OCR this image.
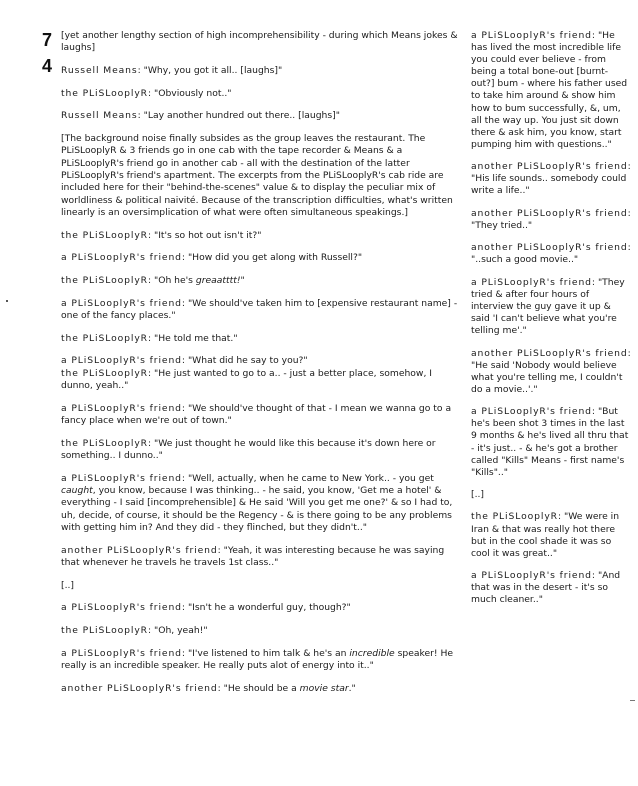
7
4
[yet another lengthy section of high incomprehensibility - during which Means jokes & laughs]
Russell Means: "Why, you got it all.. [laughs]"
the PLiSLooplyR: "Obviously not.."
Russell Means: "Lay another hundred out there.. [laughs]"
[The background noise finally subsides as the group leaves the restaurant. The PLiSLooplyR & 3 friends go in one cab with the tape recorder & Means & a PLiSLooplyR's friend go in another cab - all with the destination of the latter PLiSLooplyR's friend's apartment. The excerpts from the PLiSLooplyR's cab ride are included here for their "behind-the-scenes" value & to display the peculiar mix of worldliness & political naivité. Because of the transcription difficulties, what's written linearly is an oversimplication of what were often simultaneous speakings.]
the PLiSLooplyR: "It's so hot out isn't it?"
a PLiSLooplyR's friend: "How did you get along with Russell?"
the PLiSLooplyR: "Oh he's greaatttt!"
a PLiSLooplyR's friend: "We should've taken him to [expensive restaurant name] - one of the fancy places."
the PLiSLooplyR: "He told me that."
a PLiSLooplyR's friend: "What did he say to you?"
the PLiSLooplyR: "He just wanted to go to a.. - just a better place, somehow, I dunno, yeah.."
a PLiSLooplyR's friend: "We should've thought of that - I mean we wanna go to a fancy place when we're out of town."
the PLiSLooplyR: "We just thought he would like this because it's down here or something.. I dunno.."
a PLiSLooplyR's friend: "Well, actually, when he came to New York.. - you get caught, you know, because I was thinking.. - he said, you know, 'Get me a hotel' & everything - I said [incomprehensible] & He said 'Will you get me one?' & so I had to, uh, decide, of course, it should be the Regency - & is there going to be any problems with getting him in? And they did - they flinched, but they didn't.."
another PLiSLooplyR's friend: "Yeah, it was interesting because he was saying that whenever he travels he travels 1st class.."
[..]
a PLiSLooplyR's friend: "Isn't he a wonderful guy, though?"
the PLiSLooplyR: "Oh, yeah!"
a PLiSLooplyR's friend: "I've listened to him talk & he's an incredible speaker! He really is an incredible speaker. He really puts alot of energy into it.."
another PLiSLooplyR's friend: "He should be a movie star."
a PLiSLooplyR's friend: "He has lived the most incredible life you could ever believe - from being a total bone-out [burnt-out?] bum - where his father used to take him around & show him how to bum successfully, &, um, all the way up. You just sit down there & ask him, you know, start pumping him with questions.."
another PLiSLooplyR's friend: "His life sounds.. somebody could write a life.."
another PLiSLooplyR's friend: "They tried.."
another PLiSLooplyR's friend: "..such a good movie.."
a PLiSLooplyR's friend: "They tried & after four hours of interview the guy gave it up & said 'I can't believe what you're telling me'."
another PLiSLooplyR's friend: "He said 'Nobody would believe what you're telling me, I couldn't do a movie..'."
a PLiSLooplyR's friend: "But he's been shot 3 times in the last 9 months & he's lived all thru that - it's just.. - & he's got a brother called "Kills" Means - first name's "Kills".."
[..]
the PLiSLooplyR: "We were in Iran & that was really hot there but in the cool shade it was so cool it was great.."
a PLiSLooplyR's friend: "And that was in the desert - it's so much cleaner.."
